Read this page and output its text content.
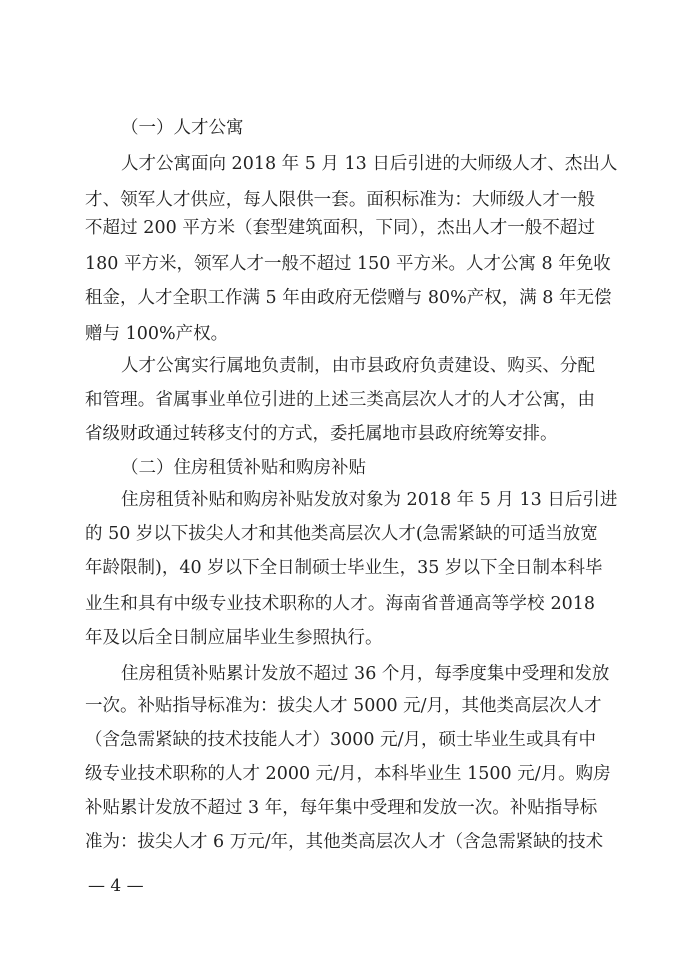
（一）人才公寓
人才公寓面向 2018 年 5 月 13 日后引进的大师级人才、杰出人
才、领军人才供应，每人限供一套。面积标准为：大师级人才一般
不超过 200 平方米（套型建筑面积，下同），杰出人才一般不超过
180 平方米，领军人才一般不超过 150 平方米。人才公寓 8 年免收
租金，人才全职工作满 5 年由政府无偿赠与 80%产权，满 8 年无偿
赠与 100%产权。
人才公寓实行属地负责制，由市县政府负责建设、购买、分配
和管理。省属事业单位引进的上述三类高层次人才的人才公寓，由
省级财政通过转移支付的方式，委托属地市县政府统筹安排。
（二）住房租赁补贴和购房补贴
住房租赁补贴和购房补贴发放对象为 2018 年 5 月 13 日后引进
的 50 岁以下拔尖人才和其他类高层次人才(急需紧缺的可适当放宽
年龄限制)，40 岁以下全日制硕士毕业生，35 岁以下全日制本科毕
业生和具有中级专业技术职称的人才。海南省普通高等学校 2018
年及以后全日制应届毕业生参照执行。
住房租赁补贴累计发放不超过 36 个月，每季度集中受理和发放
一次。补贴指导标准为：拔尖人才 5000 元/月，其他类高层次人才
（含急需紧缺的技术技能人才）3000 元/月，硕士毕业生或具有中
级专业技术职称的人才 2000 元/月，本科毕业生 1500 元/月。购房
补贴累计发放不超过 3 年，每年集中受理和发放一次。补贴指导标
准为：拔尖人才 6 万元/年，其他类高层次人才（含急需紧缺的技术
— 4 —
